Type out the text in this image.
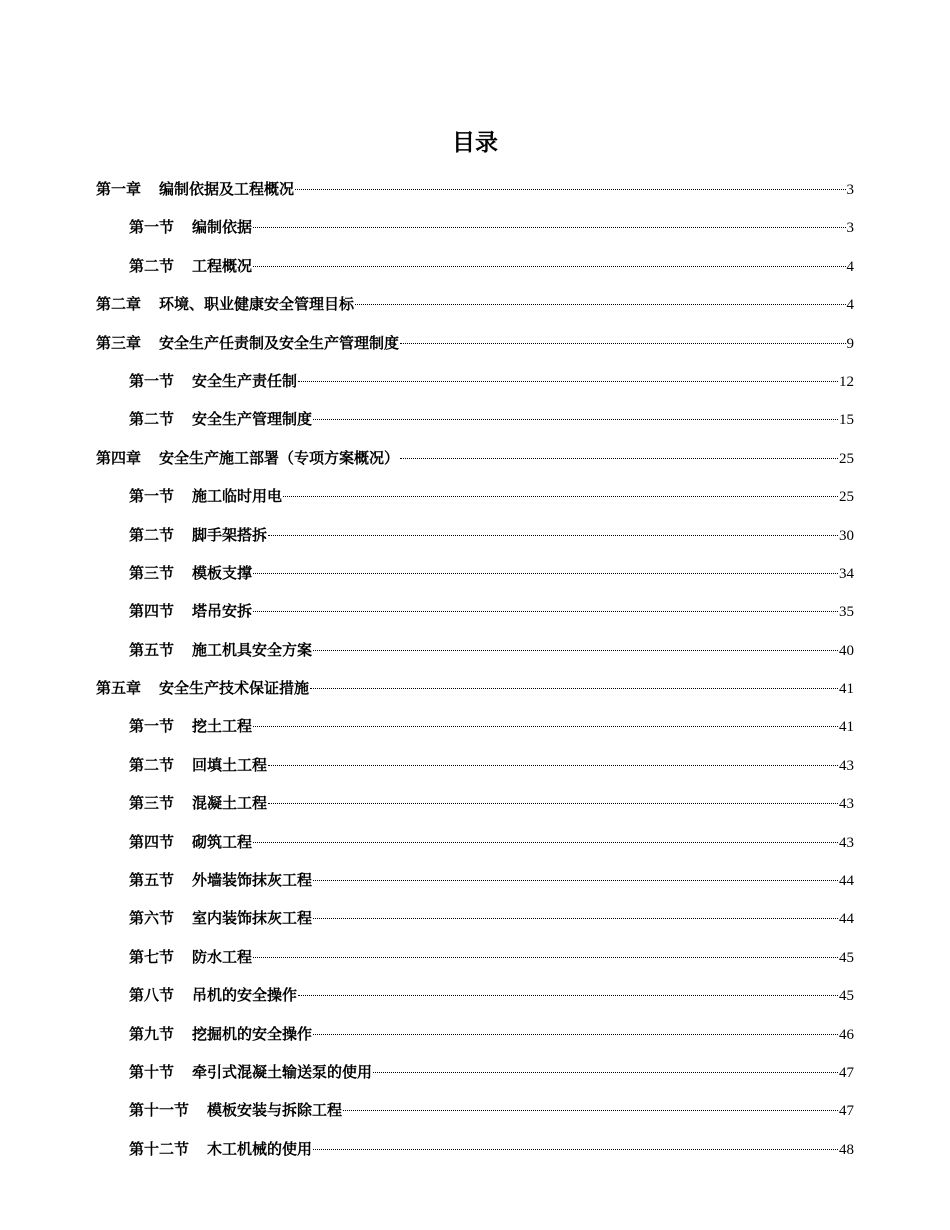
目录
第一章 编制依据及工程概况	3
第一节 编制依据	3
第二节 工程概况	4
第二章 环境、职业健康安全管理目标	4
第三章 安全生产任责制及安全生产管理制度	9
第一节 安全生产责任制	12
第二节 安全生产管理制度	15
第四章 安全生产施工部署（专项方案概况）	25
第一节 施工临时用电	25
第二节 脚手架搭拆	30
第三节 模板支撑	34
第四节 塔吊安拆	35
第五节 施工机具安全方案	40
第五章 安全生产技术保证措施	41
第一节 挖土工程	41
第二节 回填土工程	43
第三节 混凝土工程	43
第四节 砌筑工程	43
第五节 外墙装饰抹灰工程	44
第六节 室内装饰抹灰工程	44
第七节 防水工程	45
第八节 吊机的安全操作	45
第九节 挖掘机的安全操作	46
第十节 牵引式混凝土输送泵的使用	47
第十一节 模板安装与拆除工程	47
第十二节 木工机械的使用	48
